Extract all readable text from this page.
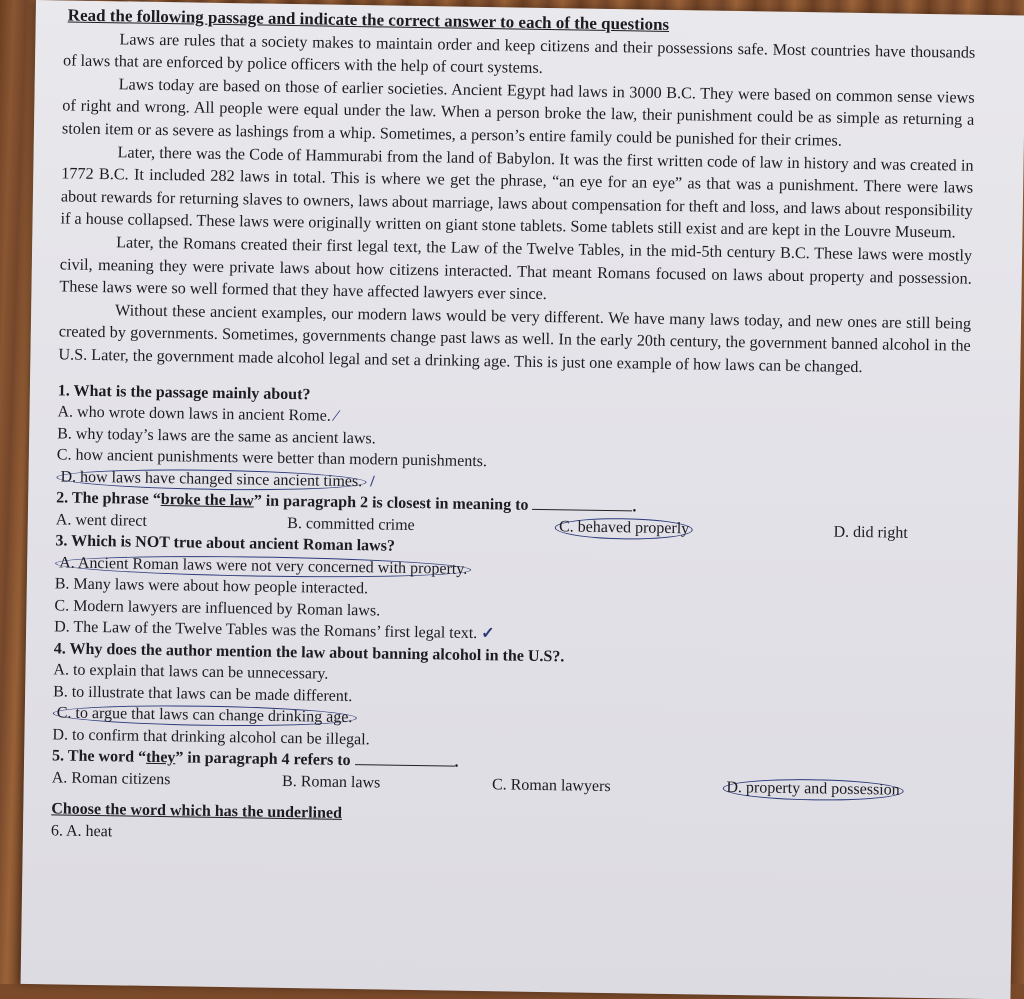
Read the following passage and indicate the correct answer to each of the questions

Laws are rules that a society makes to maintain order and keep citizens and their possessions safe. Most countries have thousands of laws that are enforced by police officers with the help of court systems.

Laws today are based on those of earlier societies. Ancient Egypt had laws in 3000 B.C. They were based on common sense views of right and wrong. All people were equal under the law. When a person broke the law, their punishment could be as simple as returning a stolen item or as severe as lashings from a whip. Sometimes, a person’s entire family could be punished for their crimes.

Later, there was the Code of Hammurabi from the land of Babylon. It was the first written code of law in history and was created in 1772 B.C. It included 282 laws in total. This is where we get the phrase, “an eye for an eye” as that was a punishment. There were laws about rewards for returning slaves to owners, laws about marriage, laws about compensation for theft and loss, and laws about responsibility if a house collapsed. These laws were originally written on giant stone tablets. Some tablets still exist and are kept in the Louvre Museum.

Later, the Romans created their first legal text, the Law of the Twelve Tables, in the mid-5th century B.C. These laws were mostly civil, meaning they were private laws about how citizens interacted. That meant Romans focused on laws about property and possession. These laws were so well formed that they have affected lawyers ever since.

Without these ancient examples, our modern laws would be very different. We have many laws today, and new ones are still being created by governments. Sometimes, governments change past laws as well. In the early 20th century, the government banned alcohol in the U.S. Later, the government made alcohol legal and set a drinking age. This is just one example of how laws can be changed.

1. What is the passage mainly about?
A. who wrote down laws in ancient Rome. ⁄
B. why today’s laws are the same as ancient laws.
C. how ancient punishments were better than modern punishments.
D. how laws have changed since ancient times. /
2. The phrase “broke the law” in paragraph 2 is closest in meaning to	.
A. went direct	B. committed crime	C. behaved properly	D. did right
3. Which is NOT true about ancient Roman laws?
A. Ancient Roman laws were not very concerned with property.
B. Many laws were about how people interacted.
C. Modern lawyers are influenced by Roman laws.
D. The Law of the Twelve Tables was the Romans’ first legal text. ✓
4. Why does the author mention the law about banning alcohol in the U.S?.
A. to explain that laws can be unnecessary.
B. to illustrate that laws can be made different.
C. to argue that laws can change drinking age.
D. to confirm that drinking alcohol can be illegal.
5. The word “they” in paragraph 4 refers to	.
A. Roman citizens	B. Roman laws	C. Roman lawyers	D. property and possession
Choose the word which has the underlined
6. A. heat
